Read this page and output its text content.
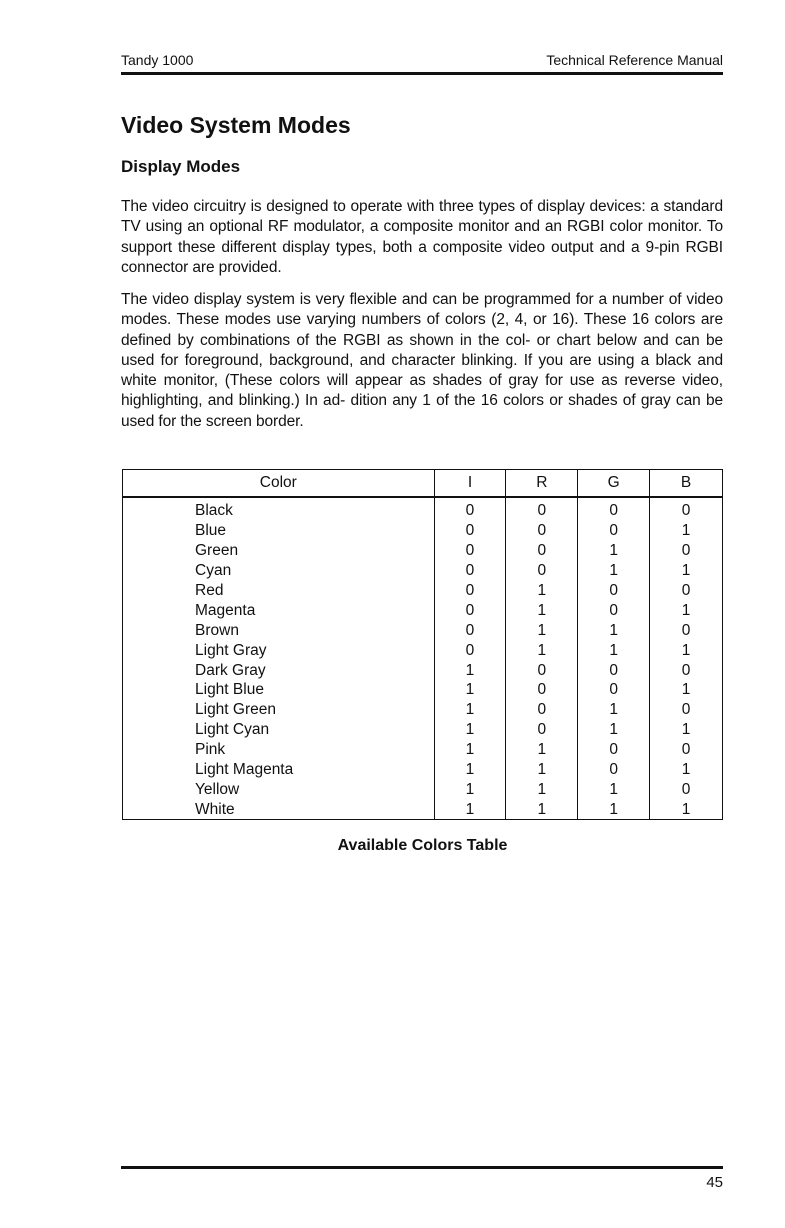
Tandy 1000	Technical Reference Manual
Video System Modes
Display Modes

The video circuitry is designed to operate with three types of display devices: a standard TV using an optional RF modulator, a composite monitor and an RGBI color monitor. To support these different display types, both a composite video output and a 9-pin RGBI connector are provided.

The video display system is very flexible and can be programmed for a number of video modes. These modes use varying numbers of colors (2, 4, or 16). These 16 colors are defined by combinations of the RGBI as shown in the col- or chart below and can be used for foreground, background, and character blinking. If you are using a black and white monitor, (These colors will appear as shades of gray for use as reverse video, highlighting, and blinking.) In ad- dition any 1 of the 16 colors or shades of gray can be used for the screen border.

Color	I	R	G	B
Black	0	0	0	0
Blue	0	0	0	1
Green	0	0	1	0
Cyan	0	0	1	1
Red	0	1	0	0
Magenta	0	1	0	1
Brown	0	1	1	0
Light Gray	0	1	1	1
Dark Gray	1	0	0	0
Light Blue	1	0	0	1
Light Green	1	0	1	0
Light Cyan	1	0	1	1
Pink	1	1	0	0
Light Magenta	1	1	0	1
Yellow	1	1	1	0
White	1	1	1	1
Available Colors Table
45
